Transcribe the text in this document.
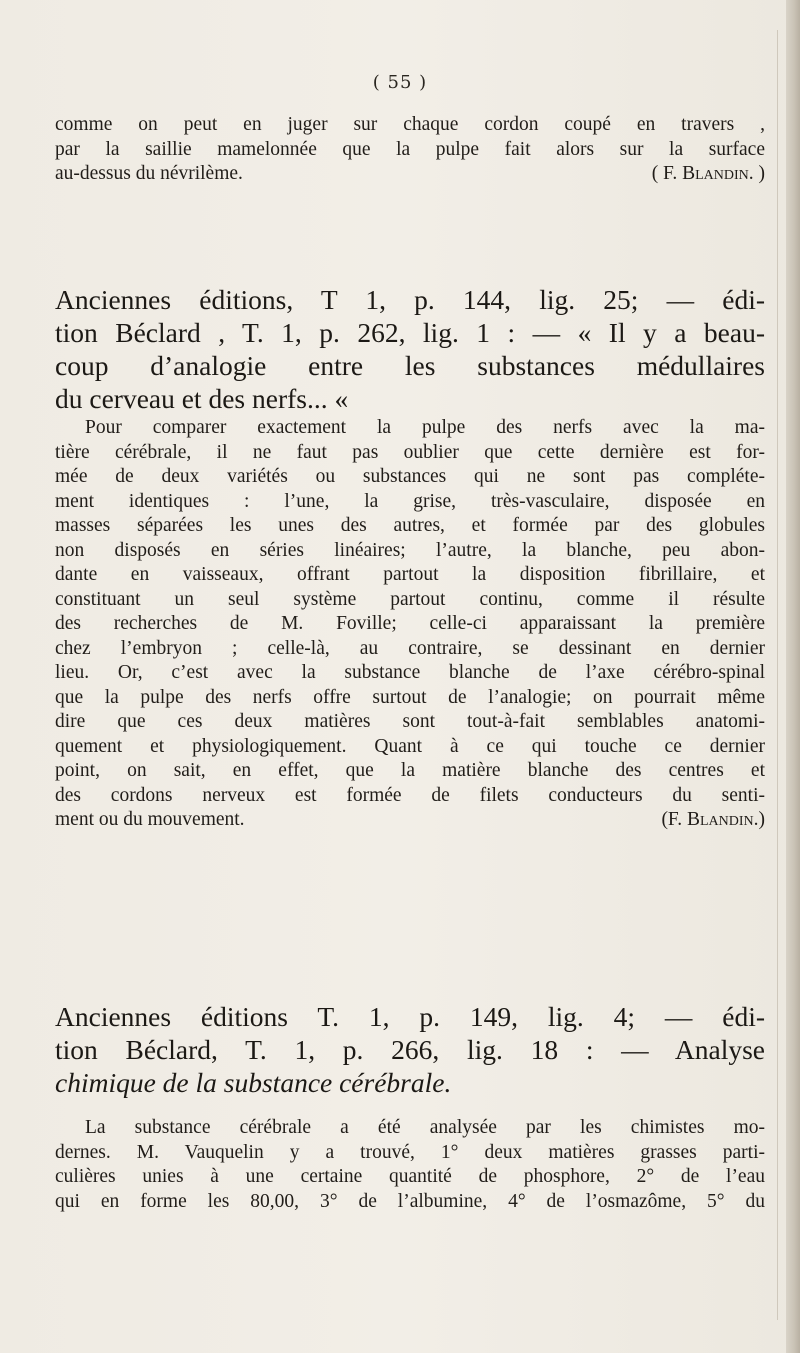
( 55 )
comme on peut en juger sur chaque cordon coupé en travers ,
par la saillie mamelonnée que la pulpe fait alors sur la surface
au-dessus du névrilème.	( F. Blandin. )
Anciennes éditions, T 1, p. 144, lig. 25; — édi-
tion Béclard , T. 1, p. 262, lig. 1 : — « Il y a beau-
coup d’analogie entre les substances médullaires
du cerveau et des nerfs... «
Pour comparer exactement la pulpe des nerfs avec la ma-
tière cérébrale, il ne faut pas oublier que cette dernière est for-
mée de deux variétés ou substances qui ne sont pas compléte-
ment identiques : l’une, la grise, très-vasculaire, disposée en
masses séparées les unes des autres, et formée par des globules
non disposés en séries linéaires; l’autre, la blanche, peu abon-
dante en vaisseaux, offrant partout la disposition fibrillaire, et
constituant un seul système partout continu, comme il résulte
des recherches de M. Foville; celle-ci apparaissant la première
chez l’embryon ; celle-là, au contraire, se dessinant en dernier
lieu. Or, c’est avec la substance blanche de l’axe cérébro-spinal
que la pulpe des nerfs offre surtout de l’analogie; on pourrait même
dire que ces deux matières sont tout-à-fait semblables anatomi-
quement et physiologiquement. Quant à ce qui touche ce dernier
point, on sait, en effet, que la matière blanche des centres et
des cordons nerveux est formée de filets conducteurs du senti-
ment ou du mouvement.	(F. Blandin.)
Anciennes éditions T. 1, p. 149, lig. 4; — édi-
tion Béclard, T. 1, p. 266, lig. 18 : — Analyse
chimique de la substance cérébrale.
La substance cérébrale a été analysée par les chimistes mo-
dernes. M. Vauquelin y a trouvé, 1° deux matières grasses parti-
culières unies à une certaine quantité de phosphore, 2° de l’eau
qui en forme les 80,00, 3° de l’albumine, 4° de l’osmazôme, 5° du
